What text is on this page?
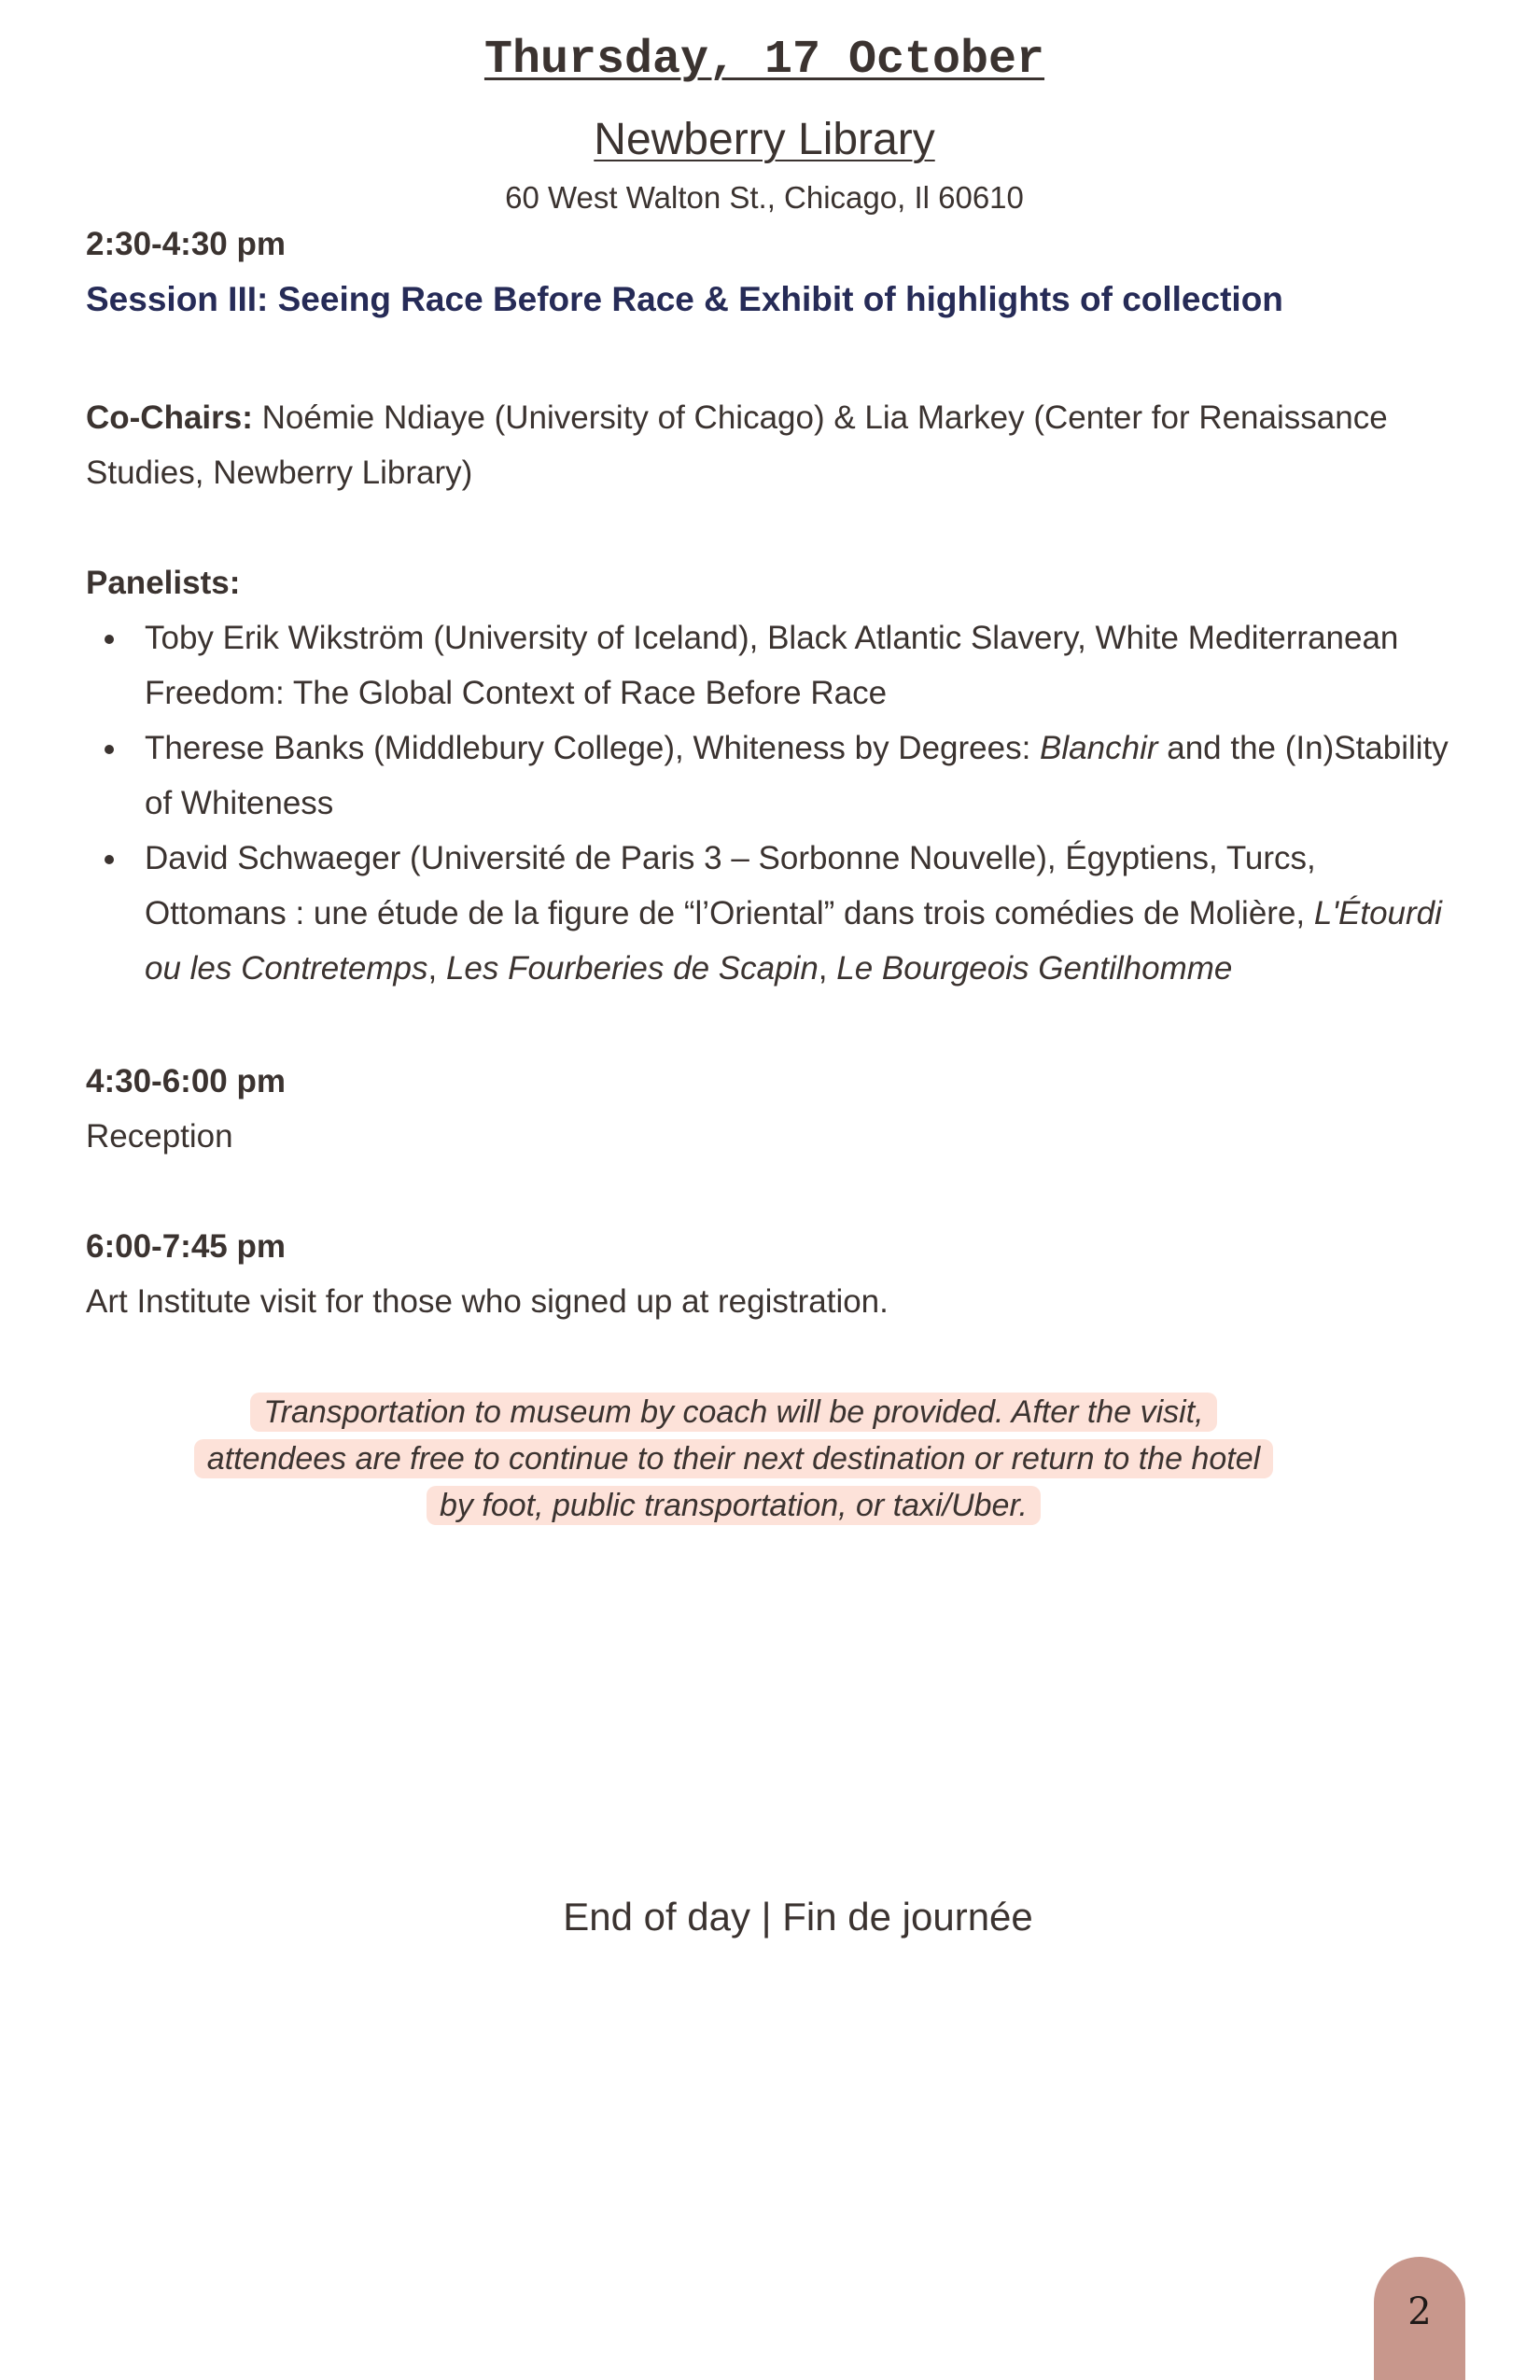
Thursday, 17 October
Newberry Library
60 West Walton St., Chicago, Il 60610
2:30-4:30 pm
Session III: Seeing Race Before Race & Exhibit of highlights of collection
Co-Chairs: Noémie Ndiaye (University of Chicago) & Lia Markey (Center for Renaissance Studies, Newberry Library)
Panelists:
Toby Erik Wikström (University of Iceland), Black Atlantic Slavery, White Mediterranean Freedom: The Global Context of Race Before Race
Therese Banks (Middlebury College), Whiteness by Degrees: Blanchir and the (In)Stability of Whiteness
David Schwaeger (Université de Paris 3 – Sorbonne Nouvelle), Égyptiens, Turcs, Ottomans : une étude de la figure de “l’Oriental” dans trois comédies de Molière, L'Étourdi ou les Contretemps, Les Fourberies de Scapin, Le Bourgeois Gentilhomme
4:30-6:00 pm
Reception
6:00-7:45 pm
Art Institute visit for those who signed up at registration.
Transportation to museum by coach will be provided. After the visit, attendees are free to continue to their next destination or return to the hotel by foot, public transportation, or taxi/Uber.
End of day | Fin de journée
2
